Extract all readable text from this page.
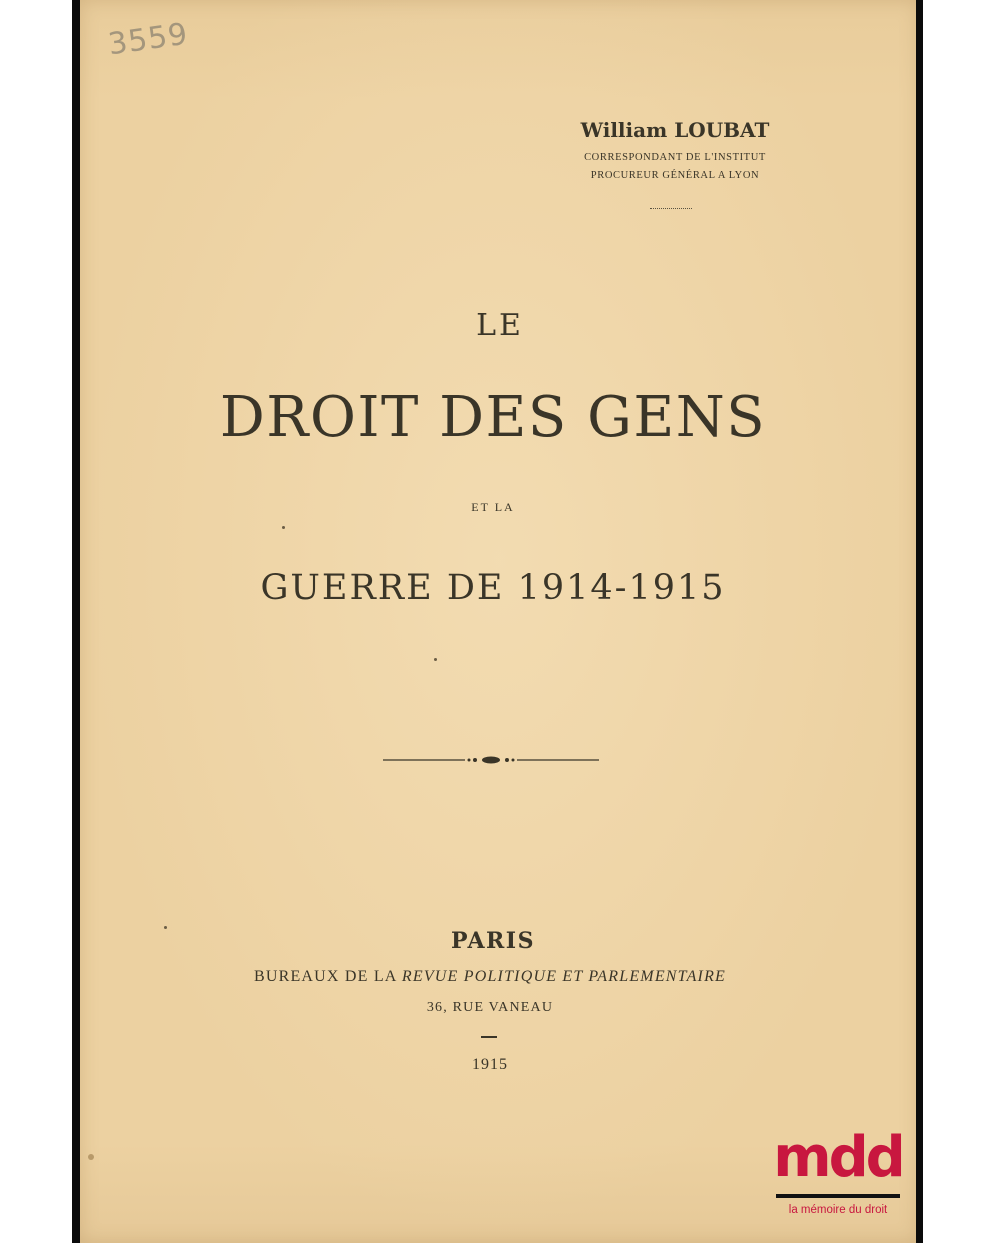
3559
William LOUBAT
CORRESPONDANT DE L'INSTITUT
PROCUREUR GÉNÉRAL A LYON
LE
DROIT DES GENS
ET LA
GUERRE DE 1914-1915
PARIS
BUREAUX DE LA REVUE POLITIQUE ET PARLEMENTAIRE
36, RUE VANEAU
1915
mdd
la mémoire du droit
